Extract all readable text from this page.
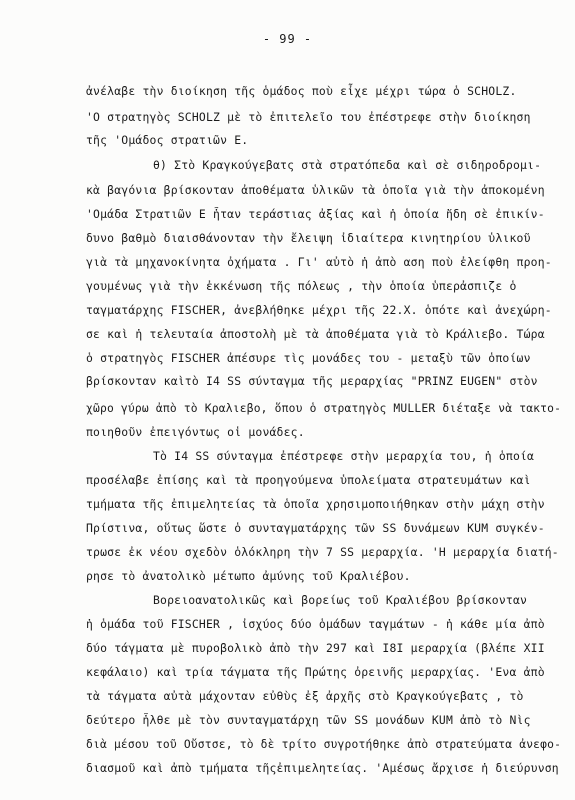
- 99 -
ἀνέλαβε τὴν διοίκηση τῆς ὁμάδος ποὺ εἶχε μέχρι τώρα ὁ SCHOLZ.
'Ο στρατηγὸς SCHOLZ μὲ τὸ ἐπιτελεῖο του ἐπέστρεφε στὴν διοίκηση
τῆς 'Ομάδος στρατιῶν Ε.
θ) Στὸ Κραγκούγεβατς στὰ στρατόπεδα καὶ σὲ σιδηροδρομι-
κὰ βαγόνια βρίσκονταν ἀποθέματα ὑλικῶν τὰ ὁποῖα γιὰ τὴν ἀποκομένη
'Ομάδα Στρατιῶν Ε ἦταν τεράστιας ἀξίας καὶ ἡ ὁποία ἤδη σὲ ἐπικίν-
δυνο βαθμὸ διαισθάνονταν τὴν ἔλειψη ἰδιαίτερα κινητηρίου ὑλικοῦ
γιὰ τὰ μηχανοκίνητα ὀχήματα . Γι' αὐτὸ ἡ ἀπὸ αση ποὺ ἐλείφθη προη-
γουμένως γιὰ τὴν ἐκκένωση τῆς πόλεως , τὴν ὁποία ὑπερἀσπιζε ὁ
ταγματάρχης FISCHER, ἀνεβλήθηκε μέχρι τῆς 22.Χ. ὁπότε καὶ ἀνεχώρη-
σε καὶ ἡ τελευταία ἀποστολὴ μὲ τὰ ἀποθέματα γιὰ τὸ Κράλιεβο. Τώρα
ὁ στρατηγὸς FISCHER ἀπέσυρε τὶς μονάδες του - μεταξὺ τῶν ὁποίων
βρίσκονταν καὶτὸ I4 SS σύνταγμα τῆς μεραρχίας "PRINZ EUGEN" στὸν
χῶρο γύρω ἀπὸ τὸ Κραλιεβο, ὅπου ὁ στρατηγὸς MULLER διέταξε νὰ τακτο-
ποιηθοῦν ἐπειγόντως οἱ μονάδες.
Τὸ I4 SS σύνταγμα ἐπέστρεφε στὴν μεραρχία του, ἡ ὁποία
προσέλαβε ἐπίσης καὶ τὰ προηγούμενα ὑπολείματα στρατευμάτων καὶ
τμήματα τῆς ἐπιμελητείας τὰ ὁποῖα χρησιμοποιήθηκαν στὴν μάχη στὴν
Πρίστινα, οὕτως ὥστε ὁ συνταγματάρχης τῶν SS δυνάμεων KUM συγκέν-
τρωσε ἐκ νέου σχεδὸν ὁλόκληρη τὴν 7 SS μεραρχία. 'Η μεραρχία διατή-
ρησε τὸ ἀνατολικὸ μέτωπο ἀμύνης τοῦ Κραλιέβου.
Βορειοανατολικῶς καὶ βορείως τοῦ Κραλιέβου βρίσκονταν
ἡ ὁμάδα τοῦ FISCHER , ἰσχύος δύο ὁμάδων ταγμάτων - ἡ κάθε μία ἀπὸ
δύο τάγματα μὲ πυροβολικὸ ἀπὸ τὴν 297 καὶ I8I μεραρχία (βλέπε XII
κεφάλαιο) καὶ τρία τάγματα τῆς Πρώτης ὀρεινῆς μεραρχίας. 'Ενα ἀπὸ
τὰ τάγματα αὐτὰ μάχονταν εὐθὺς ἐξ ἀρχῆς στὸ Κραγκούγεβατς , τὸ
δεύτερο ἦλθε μὲ τὸν συνταγματάρχη τῶν SS μονάδων KUM ἀπὸ τὸ Νὶς
διὰ μέσου τοῦ Οὔστσε, τὸ δὲ τρίτο συγροτήθηκε ἀπὸ στρατεύματα ἀνεφο-
διασμοῦ καὶ ἀπὸ τμήματα τῆςἐπιμελητείας. 'Αμέσως ἄρχισε ἡ διεύρυνση
